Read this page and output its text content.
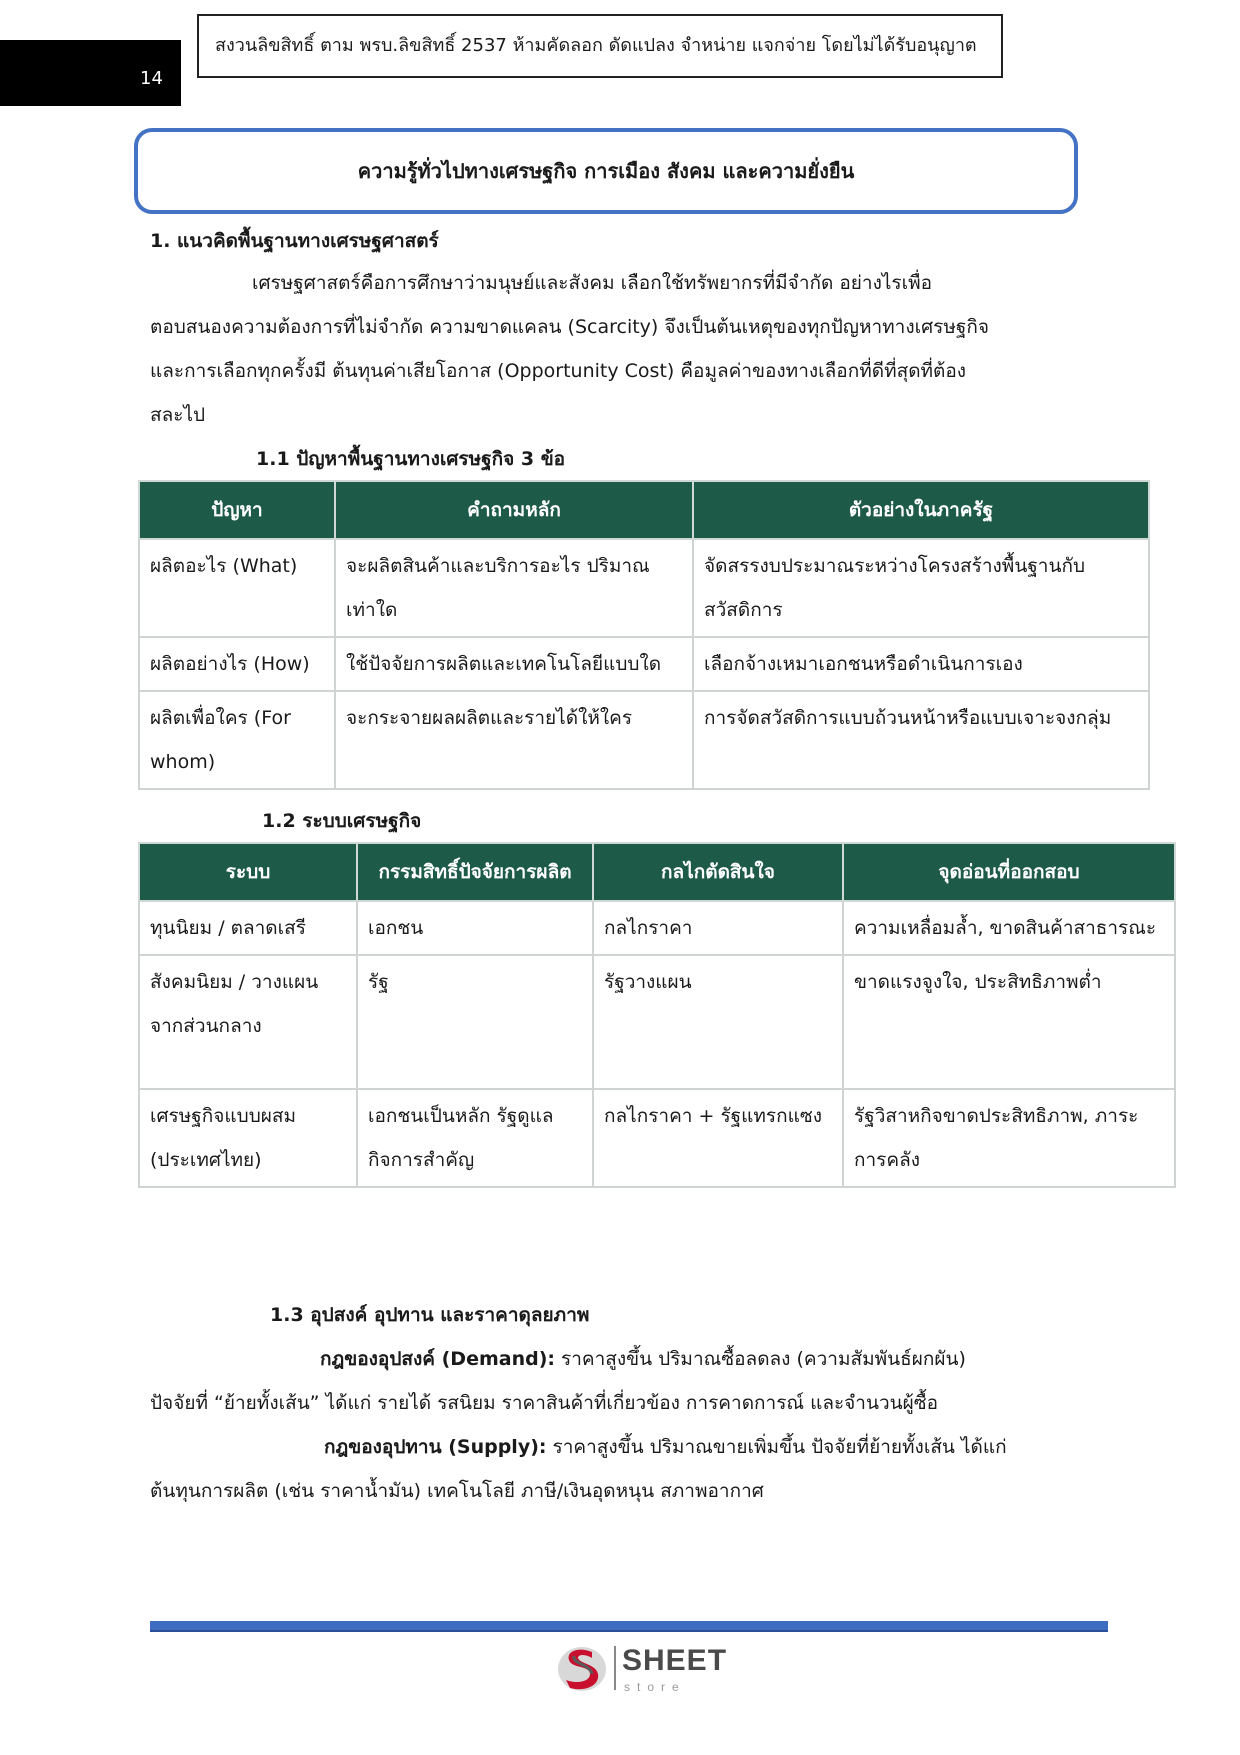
14
สงวนลิขสิทธิ์ ตาม พรบ.ลิขสิทธิ์ 2537 ห้ามคัดลอก ดัดแปลง จำหน่าย แจกจ่าย โดยไม่ได้รับอนุญาต
ความรู้ทั่วไปทางเศรษฐกิจ การเมือง สังคม และความยั่งยืน
1. แนวคิดพื้นฐานทางเศรษฐศาสตร์
เศรษฐศาสตร์คือการศึกษาว่ามนุษย์และสังคม เลือกใช้ทรัพยากรที่มีจำกัด อย่างไรเพื่อ
ตอบสนองความต้องการที่ไม่จำกัด ความขาดแคลน (Scarcity) จึงเป็นต้นเหตุของทุกปัญหาทางเศรษฐกิจ
และการเลือกทุกครั้งมี ต้นทุนค่าเสียโอกาส (Opportunity Cost) คือมูลค่าของทางเลือกที่ดีที่สุดที่ต้อง
สละไป
1.1 ปัญหาพื้นฐานทางเศรษฐกิจ 3 ข้อ
ปัญหา	คำถามหลัก	ตัวอย่างในภาครัฐ
ผลิตอะไร (What)	จะผลิตสินค้าและบริการอะไร ปริมาณเท่าใด	จัดสรรงบประมาณระหว่างโครงสร้างพื้นฐานกับสวัสดิการ
ผลิตอย่างไร (How)	ใช้ปัจจัยการผลิตและเทคโนโลยีแบบใด	เลือกจ้างเหมาเอกชนหรือดำเนินการเอง
ผลิตเพื่อใคร (For whom)	จะกระจายผลผลิตและรายได้ให้ใคร	การจัดสวัสดิการแบบถ้วนหน้าหรือแบบเจาะจงกลุ่ม
1.2 ระบบเศรษฐกิจ
ระบบ	กรรมสิทธิ์ปัจจัยการผลิต	กลไกตัดสินใจ	จุดอ่อนที่ออกสอบ
ทุนนิยม / ตลาดเสรี	เอกชน	กลไกราคา	ความเหลื่อมล้ำ, ขาดสินค้าสาธารณะ
สังคมนิยม / วางแผนจากส่วนกลาง	รัฐ	รัฐวางแผน	ขาดแรงจูงใจ, ประสิทธิภาพต่ำ
เศรษฐกิจแบบผสม (ประเทศไทย)	เอกชนเป็นหลัก รัฐดูแลกิจการสำคัญ	กลไกราคา + รัฐแทรกแซง	รัฐวิสาหกิจขาดประสิทธิภาพ, ภาระการคลัง
1.3 อุปสงค์ อุปทาน และราคาดุลยภาพ
กฎของอุปสงค์ (Demand): ราคาสูงขึ้น ปริมาณซื้อลดลง (ความสัมพันธ์ผกผัน)
ปัจจัยที่ “ย้ายทั้งเส้น” ได้แก่ รายได้ รสนิยม ราคาสินค้าที่เกี่ยวข้อง การคาดการณ์ และจำนวนผู้ซื้อ
กฎของอุปทาน (Supply): ราคาสูงขึ้น ปริมาณขายเพิ่มขึ้น ปัจจัยที่ย้ายทั้งเส้น ได้แก่
ต้นทุนการผลิต (เช่น ราคาน้ำมัน) เทคโนโลยี ภาษี/เงินอุดหนุน สภาพอากาศ
SHEET
store
